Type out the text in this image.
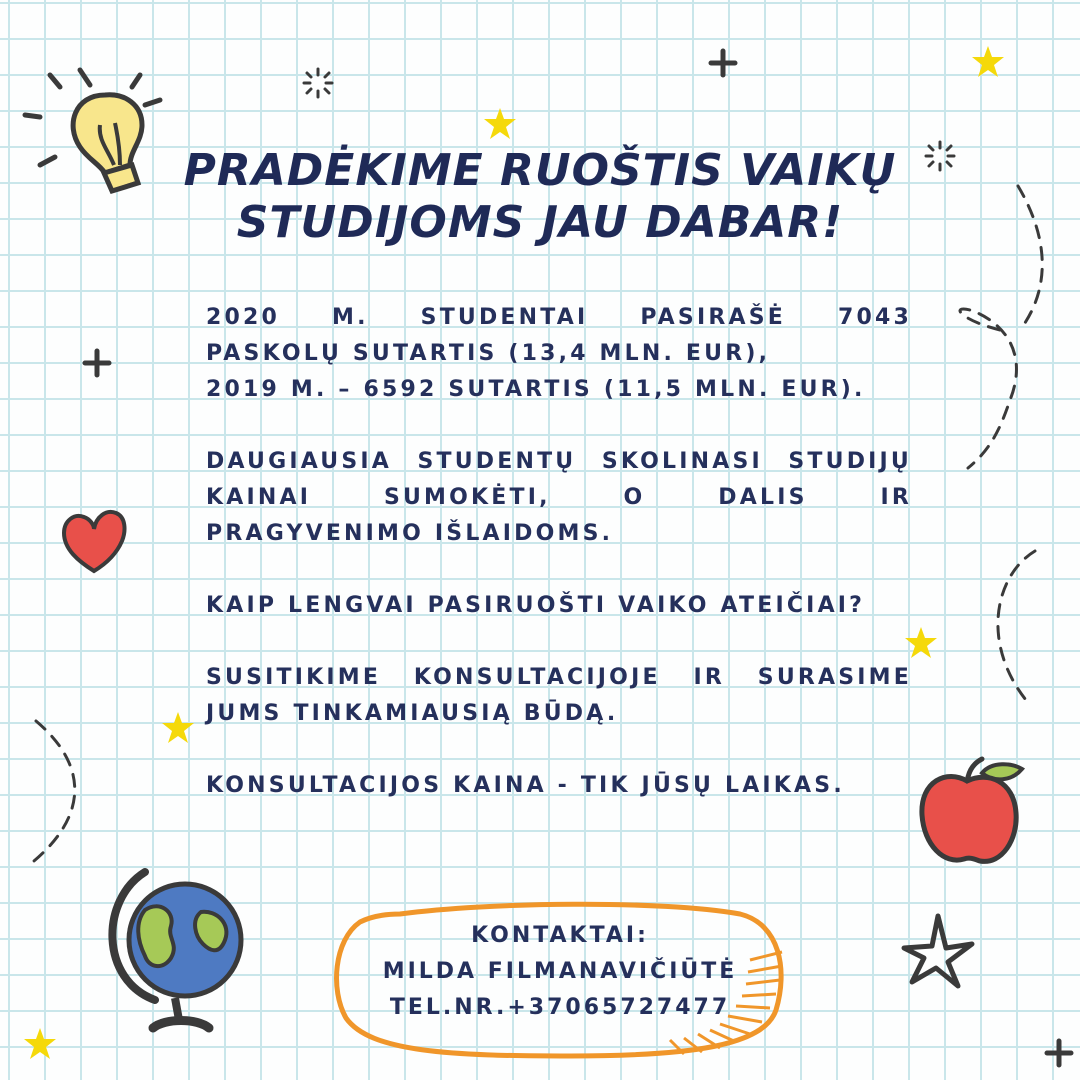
PRADĖKIME RUOŠTIS VAIKŲ
STUDIJOMS JAU DABAR!
2020 M. STUDENTAI PASIRAŠĖ 7043
PASKOLŲ SUTARTIS (13,4 MLN. EUR),
2019 M. – 6592 SUTARTIS (11,5 MLN. EUR).
DAUGIAUSIA STUDENTŲ SKOLINASI STUDIJŲ
KAINAI SUMOKĖTI, O DALIS IR
PRAGYVENIMO IŠLAIDOMS.
KAIP LENGVAI PASIRUOŠTI VAIKO ATEIČIAI?
SUSITIKIME KONSULTACIJOJE IR SURASIME
JUMS TINKAMIAUSIĄ BŪDĄ.
KONSULTACIJOS KAINA - TIK JŪSŲ LAIKAS.
KONTAKTAI:
MILDA FILMANAVIČIŪTĖ
TEL.NR.+37065727477
